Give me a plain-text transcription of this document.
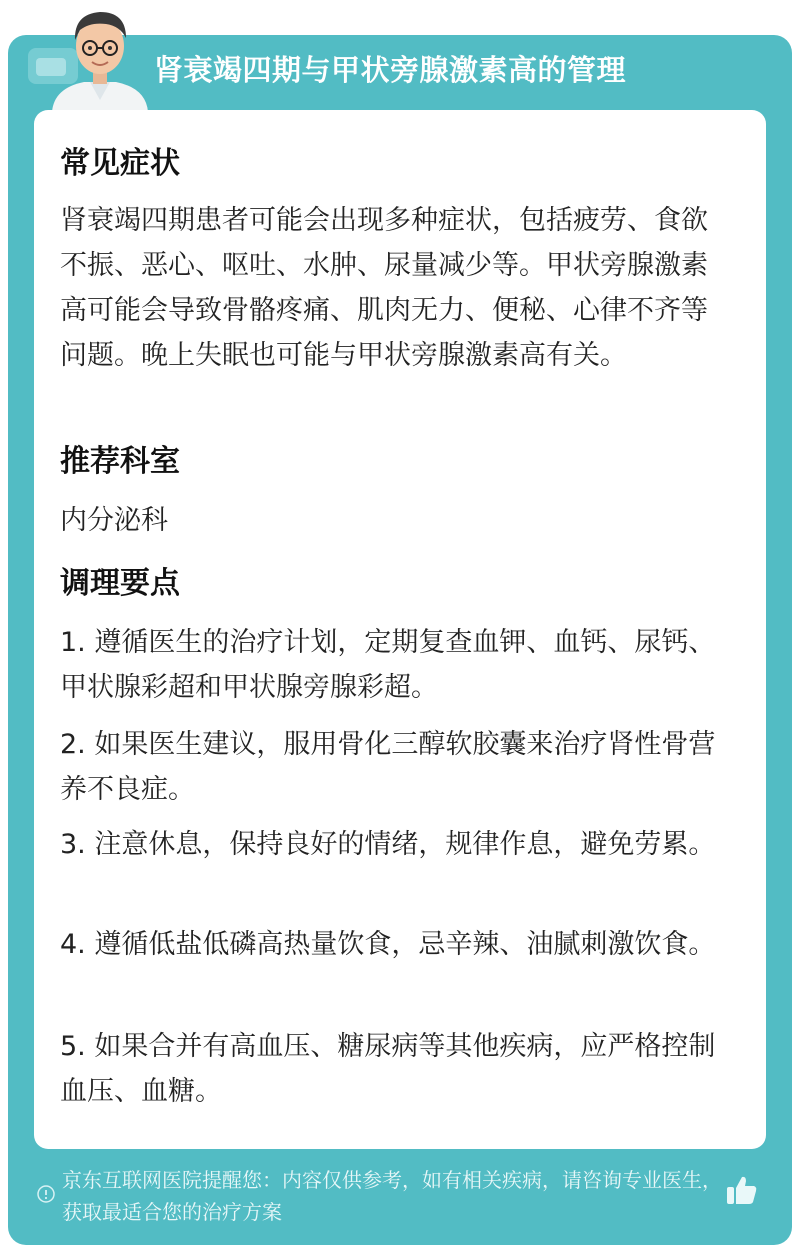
肾衰竭四期与甲状旁腺激素高的管理
常见症状
肾衰竭四期患者可能会出现多种症状，包括疲劳、食欲不振、恶心、呕吐、水肿、尿量减少等。甲状旁腺激素高可能会导致骨骼疼痛、肌肉无力、便秘、心律不齐等问题。晚上失眠也可能与甲状旁腺激素高有关。
推荐科室
内分泌科
调理要点
1. 遵循医生的治疗计划，定期复查血钾、血钙、尿钙、甲状腺彩超和甲状腺旁腺彩超。
2. 如果医生建议，服用骨化三醇软胶囊来治疗肾性骨营养不良症。
3. 注意休息，保持良好的情绪，规律作息，避免劳累。
4. 遵循低盐低磷高热量饮食，忌辛辣、油腻刺激饮食。
5. 如果合并有高血压、糖尿病等其他疾病，应严格控制血压、血糖。
京东互联网医院提醒您：内容仅供参考，如有相关疾病，请咨询专业医生，获取最适合您的治疗方案
